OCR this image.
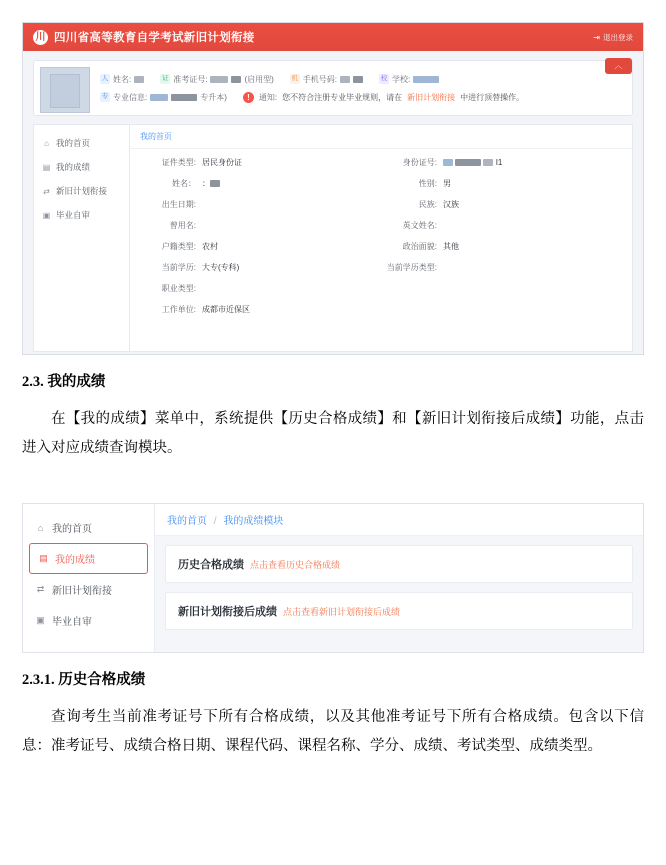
川 四川省高等教育自学考试新旧计划衔接	⇥ 退出登录
人 姓名:	证 准考证号:	(启用型)	机 手机号码:	校 学校:
专 专业信息:	专升本)	!	通知: 您不符合注册专业毕业规则，请在 新旧计划衔接 中进行顶替操作。
︿
⌂ 我的首页
▤ 我的成绩
⇄ 新旧计划衔接
▣ 毕业自审
我的首页
证件类型: 居民身份证	身份证号:	I1
姓名： ：	性别: 男
出生日期:	民族: 汉族
曾用名:	英文姓名:
户籍类型: 农村	政治面貌: 其他
当前学历: 大专(专科)	当前学历类型:
职业类型:
工作单位: 成都市近保区
2.3. 我的成绩
在【我的成绩】菜单中，系统提供【历史合格成绩】和【新旧计划衔接后成绩】功能，点击进入对应成绩查询模块。
⌂ 我的首页
▤ 我的成绩
⇄ 新旧计划衔接
▣ 毕业自审
我的首页 / 我的成绩模块
历史合格成绩 点击查看历史合格成绩
新旧计划衔接后成绩 点击查看新旧计划衔接后成绩
2.3.1. 历史合格成绩
查询考生当前准考证号下所有合格成绩，以及其他准考证号下所有合格成绩。包含以下信息：准考证号、成绩合格日期、课程代码、课程名称、学分、成绩、考试类型、成绩类型。
